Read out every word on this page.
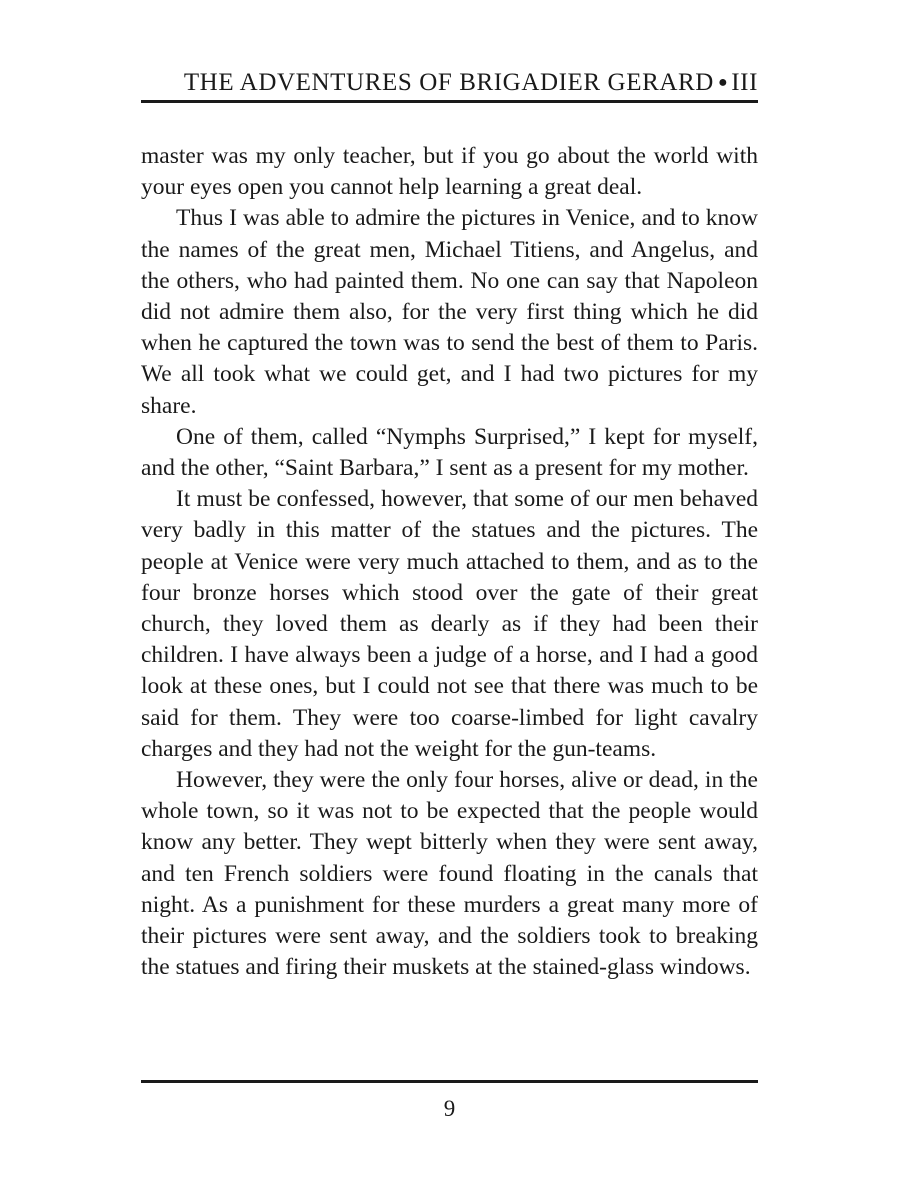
THE ADVENTURES OF BRIGADIER GERARD ● III

master was my only teacher, but if you go about the world with your eyes open you cannot help learning a great deal.

Thus I was able to admire the pictures in Venice, and to know the names of the great men, Michael Titiens, and Angelus, and the others, who had painted them. No one can say that Napoleon did not admire them also, for the very first thing which he did when he captured the town was to send the best of them to Paris. We all took what we could get, and I had two pictures for my share.

One of them, called “Nymphs Surprised,” I kept for myself, and the other, “Saint Barbara,” I sent as a present for my mother.

It must be confessed, however, that some of our men behaved very badly in this matter of the statues and the pictures. The people at Venice were very much attached to them, and as to the four bronze horses which stood over the gate of their great church, they loved them as dearly as if they had been their children. I have always been a judge of a horse, and I had a good look at these ones, but I could not see that there was much to be said for them. They were too coarse-limbed for light cavalry charges and they had not the weight for the gun-teams.

However, they were the only four horses, alive or dead, in the whole town, so it was not to be expected that the people would know any better. They wept bitterly when they were sent away, and ten French soldiers were found floating in the canals that night. As a punishment for these murders a great many more of their pictures were sent away, and the soldiers took to breaking the statues and firing their muskets at the stained-glass windows.

9
